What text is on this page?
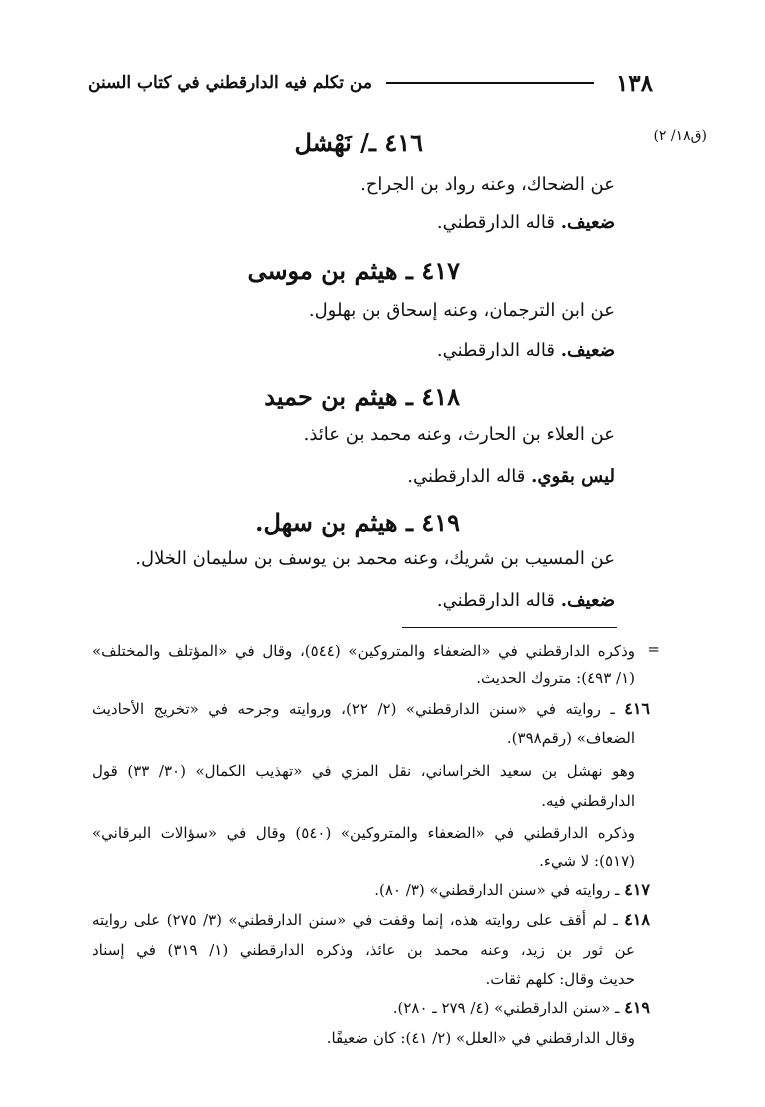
١٣٨
من تكلم فيه الدارقطني في كتاب السنن
(ق١٨/ ٢)
٤١٦ ـ/ نَهْشل
عن الضحاك، وعنه رواد بن الجراح.
ضعيف. قاله الدارقطني.
٤١٧ ـ هيثم بن موسى
عن ابن الترجمان، وعنه إسحاق بن بهلول.
ضعيف. قاله الدارقطني.
٤١٨ ـ هيثم بن حميد
عن العلاء بن الحارث، وعنه محمد بن عائذ.
ليس بقوي. قاله الدارقطني.
٤١٩ ـ هيثم بن سهل.
عن المسيب بن شريك، وعنه محمد بن يوسف بن سليمان الخلال.
ضعيف. قاله الدارقطني.
=
وذكره الدارقطني في «الضعفاء والمتروكين» (٥٤٤)، وقال في «المؤتلف والمختلف»
(١/ ٤٩٣): متروك الحديث.
٤١٦ ـ روايته في «سنن الدارقطني» (٢/ ٢٢)، وروايته وجرحه في «تخريج الأحاديث
الضعاف» (رقم٣٩٨).
وهو نهشل بن سعيد الخراساني، نقل المزي في «تهذيب الكمال» (٣٠/ ٣٣) قول
الدارقطني فيه.
وذكره الدارقطني في «الضعفاء والمتروكين» (٥٤٠) وقال في «سؤالات البرقاني»
(٥١٧): لا شيء.
٤١٧ ـ روايته في «سنن الدارقطني» (٣/ ٨٠).
٤١٨ ـ لم أقف على روايته هذه، إنما وقفت في «سنن الدارقطني» (٣/ ٢٧٥) على روايته
عن ثور بن زيد، وعنه محمد بن عائذ، وذكره الدارقطني (١/ ٣١٩) في إسناد
حديث وقال: كلهم ثقات.
٤١٩ ـ «سنن الدارقطني» (٤/ ٢٧٩ ـ ٢٨٠).
وقال الدارقطني في «العلل» (٢/ ٤١): كان ضعيفًا.
